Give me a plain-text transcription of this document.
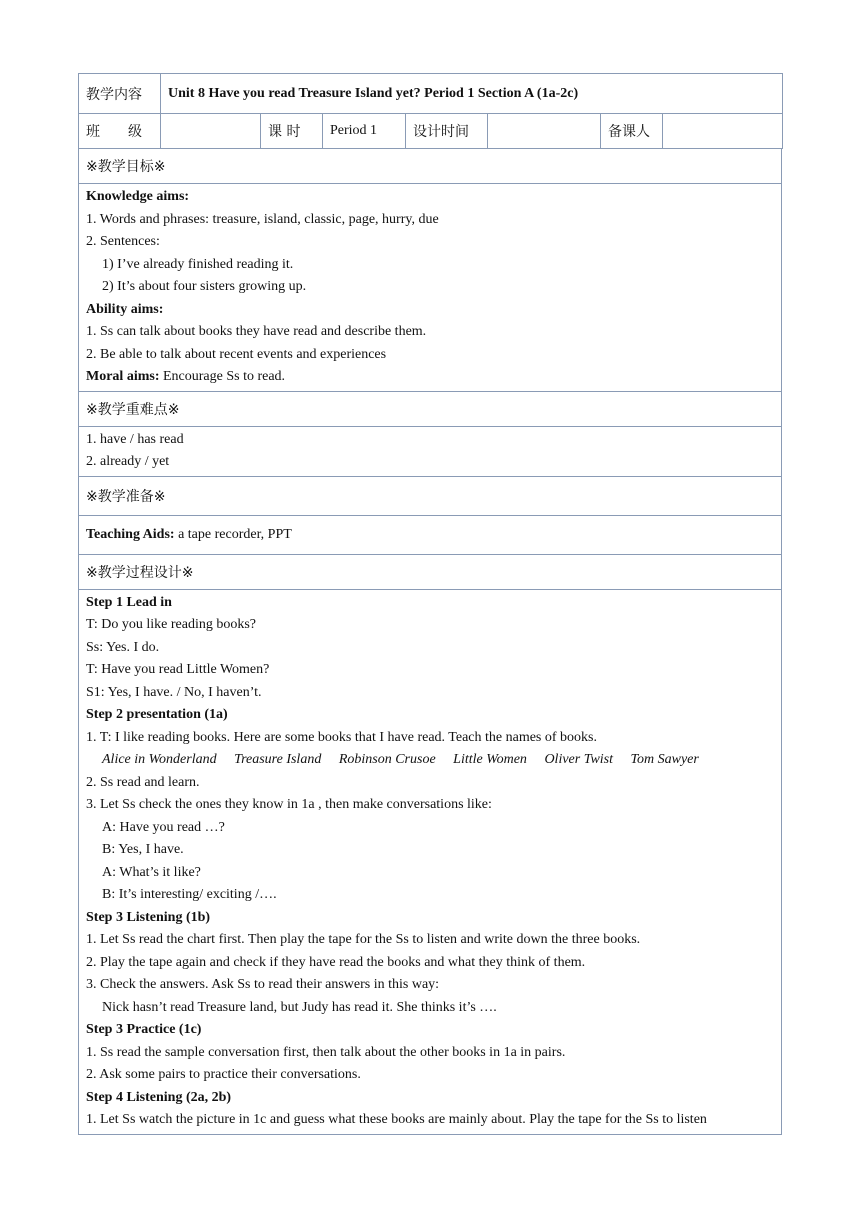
教学内容	Unit 8 Have you read Treasure Island yet? Period 1 Section A (1a-2c)						
班　　级		课 时	Period 1	设计时间		备课人	
※教学目标※

Knowledge aims:
1. Words and phrases: treasure, island, classic, page, hurry, due
2. Sentences:
1) I’ve already finished reading it.
2) It’s about four sisters growing up.
Ability aims:
1. Ss can talk about books they have read and describe them.
2. Be able to talk about recent events and experiences
Moral aims: Encourage Ss to read.

※教学重难点※

1. have / has read
2. already / yet

※教学准备※
Teaching Aids: a tape recorder, PPT
※教学过程设计※

Step 1 Lead in
T: Do you like reading books?
Ss: Yes. I do.
T: Have you read Little Women?
S1: Yes, I have. / No, I haven’t.
Step 2 presentation (1a)
1. T: I like reading books. Here are some books that I have read. Teach the names of books.
Alice in Wonderland Treasure Island Robinson Crusoe Little Women Oliver Twist Tom Sawyer
2. Ss read and learn.
3. Let Ss check the ones they know in 1a , then make conversations like:
A: Have you read …?
B: Yes, I have.
A: What’s it like?
B: It’s interesting/ exciting /….
Step 3 Listening (1b)
1. Let Ss read the chart first. Then play the tape for the Ss to listen and write down the three books.
2. Play the tape again and check if they have read the books and what they think of them.
3. Check the answers. Ask Ss to read their answers in this way:
Nick hasn’t read Treasure land, but Judy has read it. She thinks it’s ….
Step 3 Practice (1c)
1. Ss read the sample conversation first, then talk about the other books in 1a in pairs.
2. Ask some pairs to practice their conversations.
Step 4 Listening (2a, 2b)
1. Let Ss watch the picture in 1c and guess what these books are mainly about. Play the tape for the Ss to listen
